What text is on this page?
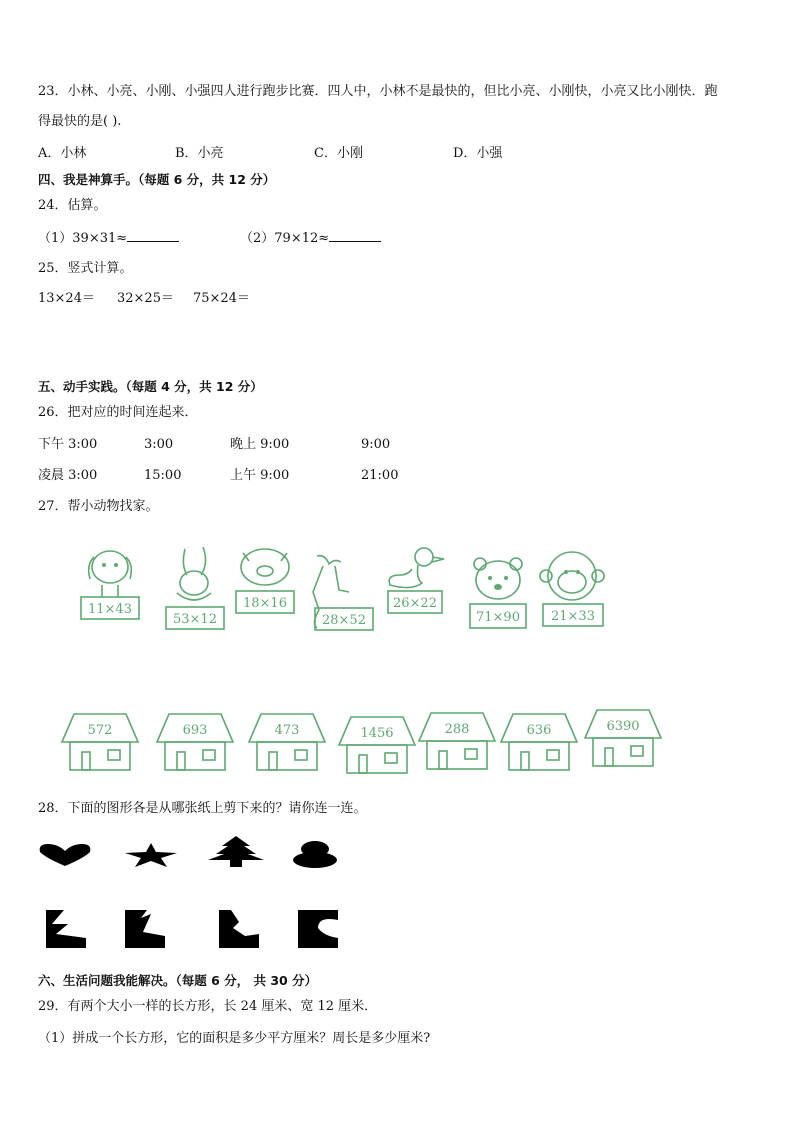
23．小林、小亮、小刚、小强四人进行跑步比赛．四人中，小林不是最快的，但比小亮、小刚快，小亮又比小刚快．跑
得最快的是( ).
A．小林	B．小亮	C．小刚	D．小强
四、我是神算手。（每题 6 分，共 12 分）
24．估算。
（1）39×31≈	（2）79×12≈
25．竖式计算。
13×24＝ 32×25＝ 75×24＝
五、动手实践。（每题 4 分，共 12 分）
26．把对应的时间连起来．
下午 3:00	3:00	晚上 9:00	9:00
凌晨 3:00	15:00	上午 9:00	21:00
27．帮小动物找家。
11×43
53×12
18×16
28×52
26×22
71×90 21×33
572	693	473	1456	288	636	6390
28．下面的图形各是从哪张纸上剪下来的？请你连一连。
六、生活问题我能解决。（每题 6 分， 共 30 分）
29．有两个大小一样的长方形，长 24 厘米、宽 12 厘米．
（1）拼成一个长方形，它的面积是多少平方厘米？周长是多少厘米?
